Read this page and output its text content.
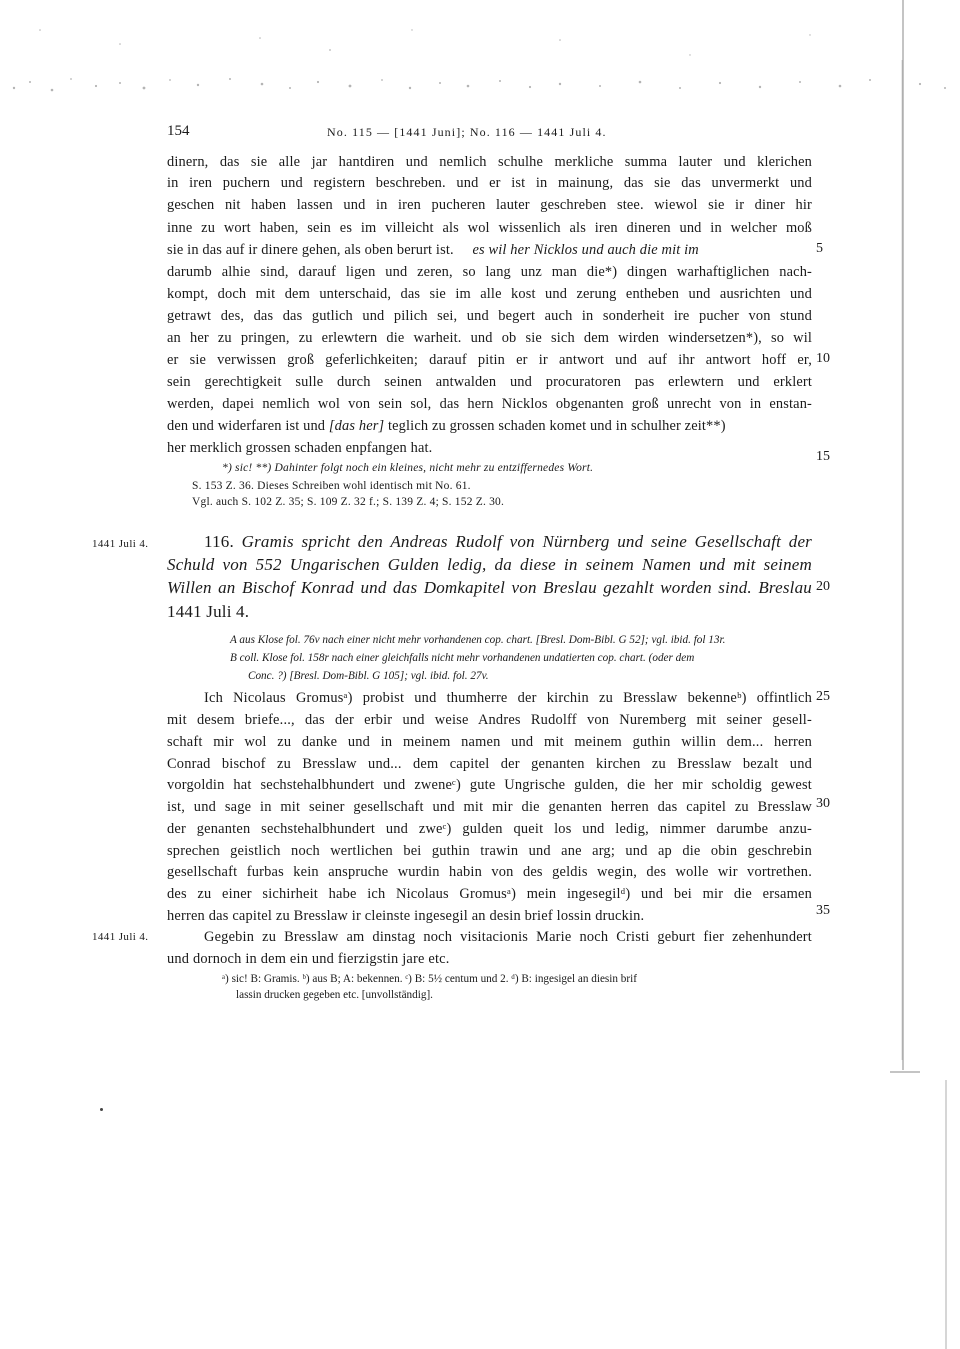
154	No. 115 — [1441 Juni]; No. 116 — 1441 Juli 4.
dinern, das sie alle jar hantdiren und nemlich schulhe merkliche summa lauter und klerichen
in iren puchern und registern beschreben. und er ist in mainung, das sie das unvermerkt und
geschen nit haben lassen und in iren pucheren lauter geschreben stee. wiewol sie ir diner hir
inne zu wort haben, sein es im villeicht als wol wissenlich als iren dineren und in welcher moß
sie in das auf ir dinere gehen, als oben berurt ist. es wil her Nicklos und auch die mit im
darumb alhie sind, darauf ligen und zeren, so lang unz man die*) dingen warhaftiglichen nach-
kompt, doch mit dem unterschaid, das sie im alle kost und zerung entheben und ausrichten und
getrawt des, das das gutlich und pilich sei, und begert auch in sonderheit ire pucher von stund
an her zu pringen, zu erlewtern die warheit. und ob sie sich dem wirden windersetzen*), so wil
er sie verwissen groß geferlichkeiten; darauf pitin er ir antwort und auf ihr antwort hoff er,
sein gerechtigkeit sulle durch seinen antwalden und procuratoren pas erlewtern und erklert
werden, dapei nemlich wol von sein sol, das hern Nicklos obgenanten groß unrecht von in enstan-
den und widerfaren ist und [das her] teglich zu grossen schaden komet und in schulher zeit**)
her merklich grossen schaden enpfangen hat.
*) sic! **) Dahinter folgt noch ein kleines, nicht mehr zu entziffernedes Wort.
S. 153 Z. 36. Dieses Schreiben wohl identisch mit No. 61.
Vgl. auch S. 102 Z. 35; S. 109 Z. 32 f.; S. 139 Z. 4; S. 152 Z. 30.
5
10
15
20
25
30
35
1441 Juli 4.	116. Gramis spricht den Andreas Rudolf von Nürnberg und seine Gesellschaft der
Schuld von 552 Ungarischen Gulden ledig, da diese in seinem Namen und mit seinem
Willen an Bischof Konrad und das Domkapitel von Breslau gezahlt worden sind. Breslau
1441 Juli 4.
A aus Klose fol. 76v nach einer nicht mehr vorhandenen cop. chart. [Bresl. Dom-Bibl. G 52]; vgl. ibid. fol 13r.
B coll. Klose fol. 158r nach einer gleichfalls nicht mehr vorhandenen undatierten cop. chart. (oder dem
Conc. ?) [Bresl. Dom-Bibl. G 105]; vgl. ibid. fol. 27v.
Ich Nicolaus Gromusᵃ) probist und thumherre der kirchin zu Bresslaw bekenneᵇ) offintlich
mit desem briefe..., das der erbir und weise Andres Rudolff von Nuremberg mit seiner gesell-
schaft mir wol zu danke und in meinem namen und mit meinem guthin willin dem... herren
Conrad bischof zu Bresslaw und... dem capitel der genanten kirchen zu Bresslaw bezalt und
vorgoldin hat sechstehalbhundert und zweneᶜ) gute Ungrische gulden, die her mir scholdig gewest
ist, und sage in mit seiner gesellschaft und mit mir die genanten herren das capitel zu Bresslaw
der genanten sechstehalbhundert und zweᶜ) gulden queit los und ledig, nimmer darumbe anzu-
sprechen geistlich noch wertlichen bei guthin trawin und ane arg; und ap die obin geschrebin
gesellschaft furbas kein anspruche wurdin habin von des geldis wegin, des wolle wir vortrethen.
des zu einer sichirheit habe ich Nicolaus Gromusᵃ) mein ingesegilᵈ) und bei mir die ersamen
herren das capitel zu Bresslaw ir cleinste ingesegil an desin brief lossin druckin.
Gegebin zu Bresslaw am dinstag noch visitacionis Marie noch Cristi geburt fier zehenhundert
und dornoch in dem ein und fierzigstin jare etc.
1441 Juli 4.
ᵃ) sic! B: Gramis. ᵇ) aus B; A: bekennen. ᶜ) B: 5½ centum und 2. ᵈ) B: ingesigel an diesin brif
lassin drucken gegeben etc. [unvollständig].
